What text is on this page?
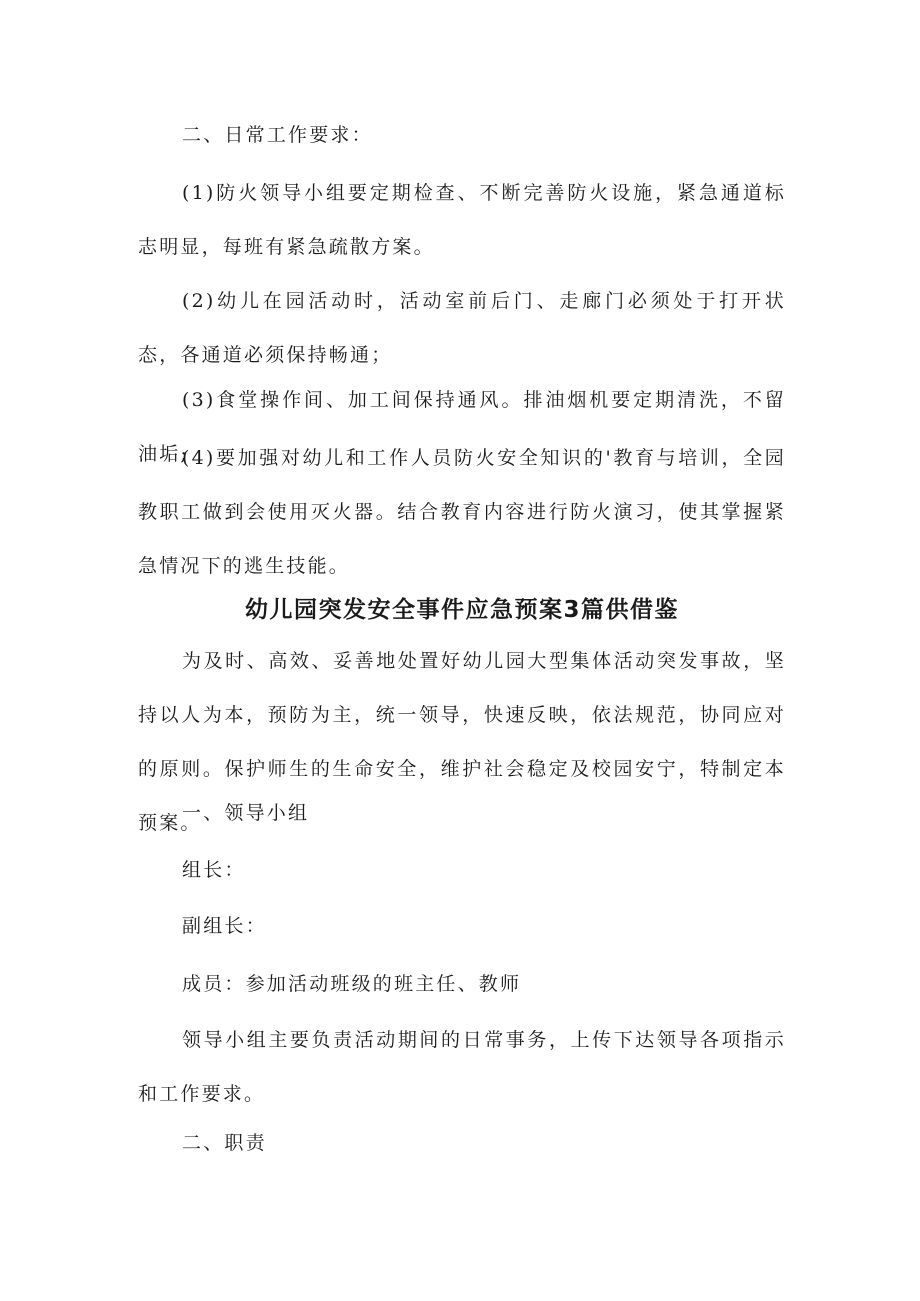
二、日常工作要求：

(1)防火领导小组要定期检查、不断完善防火设施，紧急通道标志明显，每班有紧急疏散方案。

(2)幼儿在园活动时，活动室前后门、走廊门必须处于打开状态，各通道必须保持畅通；

(3)食堂操作间、加工间保持通风。排油烟机要定期清洗，不留油垢;

(4)要加强对幼儿和工作人员防火安全知识的'教育与培训，全园教职工做到会使用灭火器。结合教育内容进行防火演习，使其掌握紧急情况下的逃生技能。

幼儿园突发安全事件应急预案3篇供借鉴

为及时、高效、妥善地处置好幼儿园大型集体活动突发事故，坚持以人为本，预防为主，统一领导，快速反映，依法规范，协同应对的原则。保护师生的生命安全，维护社会稳定及校园安宁，特制定本预案。

一、领导小组

组长：

副组长：

成员：参加活动班级的班主任、教师

领导小组主要负责活动期间的日常事务，上传下达领导各项指示和工作要求。

二、职责
